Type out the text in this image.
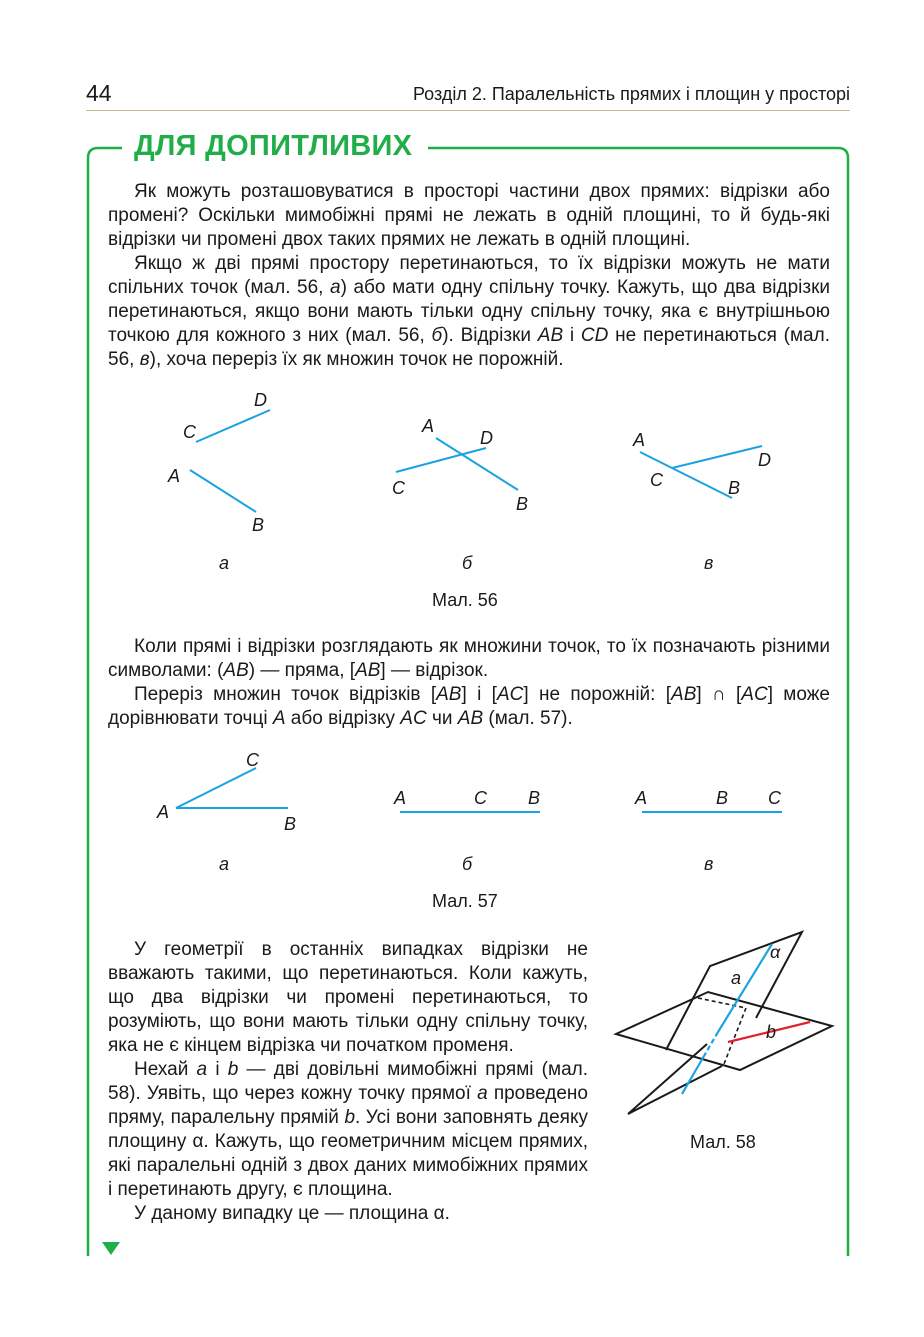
44	Розділ 2. Паралельність прямих і площин у просторі
ДЛЯ ДОПИТЛИВИХ
Як можуть розташовуватися в просторі частини двох прямих: відрізки або промені? Оскільки мимобіжні прямі не лежать в одній площині, то й будь-які відрізки чи промені двох таких прямих не лежать в одній площині.
Якщо ж дві прямі простору перетинаються, то їх відрізки можуть не мати спільних точок (мал. 56, а) або мати одну спільну точку. Кажуть, що два відрізки перетинаються, якщо вони мають тільки одну спільну точку, яка є внутрішньою точкою для кожного з них (мал. 56, б). Відрізки AB і CD не перетинаються (мал. 56, в), хоча переріз їх як множин точок не порожній.
C
D
A
B
A
D
C
B
A
D
C	B
а	б	в
Мал. 56
Коли прямі і відрізки розглядають як множини точок, то їх позначають різними символами: (AB) — пряма, [AB] — відрізок.
Переріз множин точок відрізків [AB] і [AC] не порожній: [AB] ∩ [AC] може дорівнювати точці A або відрізку AC чи AB (мал. 57).
C
A
B
A	C B	A	B C
а	б	в
Мал. 57
У геометрії в останніх випадках відрізки не вважають такими, що перетинаються. Коли кажуть, що два відрізки чи промені перетинаються, то розуміють, що вони мають тільки одну спільну точку, яка не є кінцем відрізка чи початком променя.
Нехай a і b — дві довільні мимобіжні прямі (мал. 58). Уявіть, що через кожну точку прямої a проведено пряму, паралельну прямій b. Усі вони заповнять деяку площину α. Кажуть, що геометричним місцем прямих, які паралельні одній з двох даних мимобіжних прямих і перетинають другу, є площина.
У даному випадку це — площина α.
α
a
b
Мал. 58
